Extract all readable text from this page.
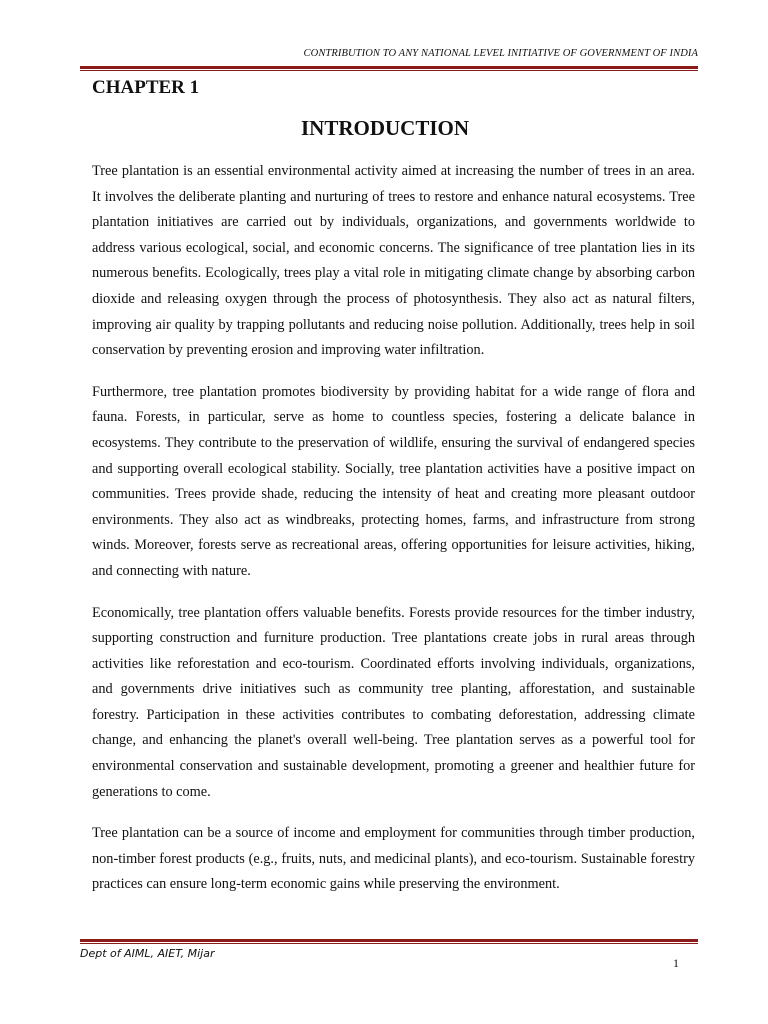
CONTRIBUTION TO ANY NATIONAL LEVEL INITIATIVE OF GOVERNMENT OF INDIA
CHAPTER 1
INTRODUCTION

Tree plantation is an essential environmental activity aimed at increasing the number of trees in an area. It involves the deliberate planting and nurturing of trees to restore and enhance natural ecosystems. Tree plantation initiatives are carried out by individuals, organizations, and governments worldwide to address various ecological, social, and economic concerns. The significance of tree plantation lies in its numerous benefits. Ecologically, trees play a vital role in mitigating climate change by absorbing carbon dioxide and releasing oxygen through the process of photosynthesis. They also act as natural filters, improving air quality by trapping pollutants and reducing noise pollution. Additionally, trees help in soil conservation by preventing erosion and improving water infiltration.

Furthermore, tree plantation promotes biodiversity by providing habitat for a wide range of flora and fauna. Forests, in particular, serve as home to countless species, fostering a delicate balance in ecosystems. They contribute to the preservation of wildlife, ensuring the survival of endangered species and supporting overall ecological stability. Socially, tree plantation activities have a positive impact on communities. Trees provide shade, reducing the intensity of heat and creating more pleasant outdoor environments. They also act as windbreaks, protecting homes, farms, and infrastructure from strong winds. Moreover, forests serve as recreational areas, offering opportunities for leisure activities, hiking, and connecting with nature.

Economically, tree plantation offers valuable benefits. Forests provide resources for the timber industry, supporting construction and furniture production. Tree plantations create jobs in rural areas through activities like reforestation and eco-tourism. Coordinated efforts involving individuals, organizations, and governments drive initiatives such as community tree planting, afforestation, and sustainable forestry. Participation in these activities contributes to combating deforestation, addressing climate change, and enhancing the planet's overall well-being. Tree plantation serves as a powerful tool for environmental conservation and sustainable development, promoting a greener and healthier future for generations to come.

Tree plantation can be a source of income and employment for communities through timber production, non-timber forest products (e.g., fruits, nuts, and medicinal plants), and eco-tourism. Sustainable forestry practices can ensure long-term economic gains while preserving the environment.

Dept of AIML, AIET, Mijar
1
